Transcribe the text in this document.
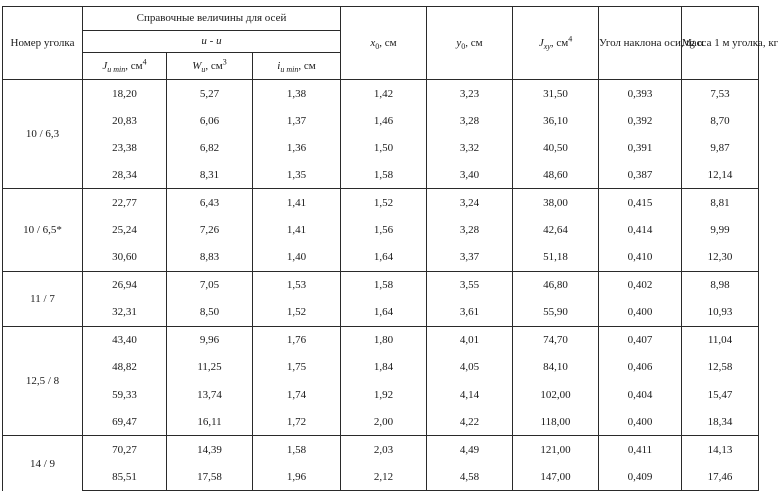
Номер уголка	Справочные величины для осей			$x_0$, см	$y_0$, см	$J_{xy}$, $см^4$	Угол наклона оси, tg α	Масса 1 м уголка, кг
	u - u							
	$J_{u min}$, $см^4$	$W_u$, $см^3$	$i_{u min}$, см					
10 / 6,3	18,20	5,27	1,38	1,42	3,23	31,50	0,393	7,53
	20,83	6,06	1,37	1,46	3,28	36,10	0,392	8,70
	23,38	6,82	1,36	1,50	3,32	40,50	0,391	9,87
	28,34	8,31	1,35	1,58	3,40	48,60	0,387	12,14
10 / 6,5*	22,77	6,43	1,41	1,52	3,24	38,00	0,415	8,81
	25,24	7,26	1,41	1,56	3,28	42,64	0,414	9,99
	30,60	8,83	1,40	1,64	3,37	51,18	0,410	12,30
11 / 7	26,94	7,05	1,53	1,58	3,55	46,80	0,402	8,98
	32,31	8,50	1,52	1,64	3,61	55,90	0,400	10,93
12,5 / 8	43,40	9,96	1,76	1,80	4,01	74,70	0,407	11,04
	48,82	11,25	1,75	1,84	4,05	84,10	0,406	12,58
	59,33	13,74	1,74	1,92	4,14	102,00	0,404	15,47
	69,47	16,11	1,72	2,00	4,22	118,00	0,400	18,34
14 / 9	70,27	14,39	1,58	2,03	4,49	121,00	0,411	14,13
	85,51	17,58	1,96	2,12	4,58	147,00	0,409	17,46
